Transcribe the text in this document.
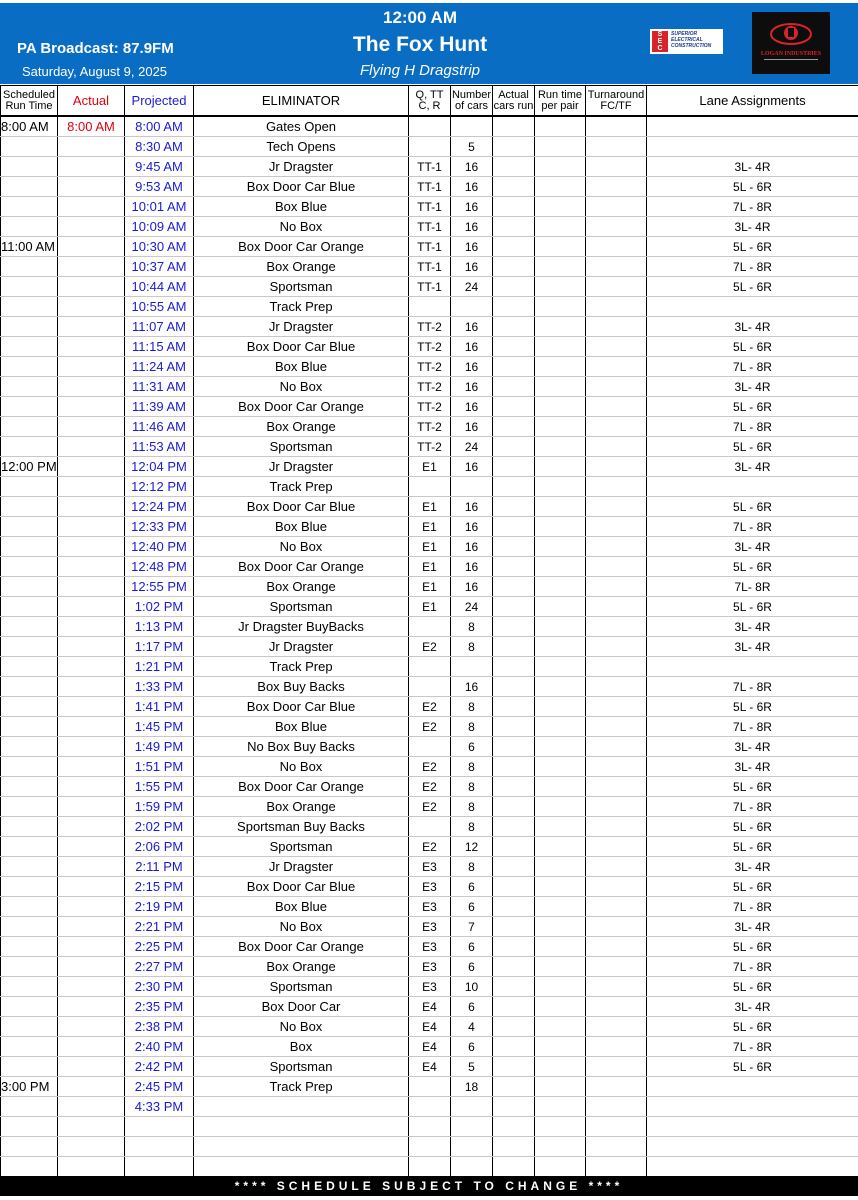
12:00 AM
The Fox Hunt
Flying H Dragstrip
PA Broadcast: 87.9FM
Saturday, August 9, 2025
S
E
C
SUPERIOR
ELECTRICAL
CONSTRUCTION
LOGAN INDUSTRIES
Scheduled Run Time	Actual	Projected	ELIMINATOR	Q, TT C, R	Number of cars	Actual cars run	Run time per pair	Turnaround FC/TF	Lane Assignments
8:00 AM	8:00 AM	8:00 AM	Gates Open						
		8:30 AM	Tech Opens		5				
		9:45 AM	Jr Dragster	TT-1	16				3L- 4R
		9:53 AM	Box Door Car Blue	TT-1	16				5L - 6R
		10:01 AM	Box Blue	TT-1	16				7L - 8R
		10:09 AM	No Box	TT-1	16				3L- 4R
11:00 AM		10:30 AM	Box Door Car Orange	TT-1	16				5L - 6R
		10:37 AM	Box Orange	TT-1	16				7L - 8R
		10:44 AM	Sportsman	TT-1	24				5L - 6R
		10:55 AM	Track Prep						
		11:07 AM	Jr Dragster	TT-2	16				3L- 4R
		11:15 AM	Box Door Car Blue	TT-2	16				5L - 6R
		11:24 AM	Box Blue	TT-2	16				7L - 8R
		11:31 AM	No Box	TT-2	16				3L- 4R
		11:39 AM	Box Door Car Orange	TT-2	16				5L - 6R
		11:46 AM	Box Orange	TT-2	16				7L - 8R
		11:53 AM	Sportsman	TT-2	24				5L - 6R
12:00 PM		12:04 PM	Jr Dragster	E1	16				3L- 4R
		12:12 PM	Track Prep						
		12:24 PM	Box Door Car Blue	E1	16				5L - 6R
		12:33 PM	Box Blue	E1	16				7L - 8R
		12:40 PM	No Box	E1	16				3L- 4R
		12:48 PM	Box Door Car Orange	E1	16				5L - 6R
		12:55 PM	Box Orange	E1	16				7L- 8R
		1:02 PM	Sportsman	E1	24				5L - 6R
		1:13 PM	Jr Dragster BuyBacks		8				3L- 4R
		1:17 PM	Jr Dragster	E2	8				3L- 4R
		1:21 PM	Track Prep						
		1:33 PM	Box Buy Backs		16				7L - 8R
		1:41 PM	Box Door Car Blue	E2	8				5L - 6R
		1:45 PM	Box Blue	E2	8				7L - 8R
		1:49 PM	No Box Buy Backs		6				3L- 4R
		1:51 PM	No Box	E2	8				3L- 4R
		1:55 PM	Box Door Car Orange	E2	8				5L - 6R
		1:59 PM	Box Orange	E2	8				7L - 8R
		2:02 PM	Sportsman Buy Backs		8				5L - 6R
		2:06 PM	Sportsman	E2	12				5L - 6R
		2:11 PM	Jr Dragster	E3	8				3L- 4R
		2:15 PM	Box Door Car Blue	E3	6				5L - 6R
		2:19 PM	Box Blue	E3	6				7L - 8R
		2:21 PM	No Box	E3	7				3L- 4R
		2:25 PM	Box Door Car Orange	E3	6				5L - 6R
		2:27 PM	Box Orange	E3	6				7L - 8R
		2:30 PM	Sportsman	E3	10				5L - 6R
		2:35 PM	Box Door Car	E4	6				3L- 4R
		2:38 PM	No Box	E4	4				5L - 6R
		2:40 PM	Box	E4	6				7L - 8R
		2:42 PM	Sportsman	E4	5				5L - 6R
3:00 PM		2:45 PM	Track Prep		18				
		4:33 PM							

**** SCHEDULE SUBJECT TO CHANGE ****
